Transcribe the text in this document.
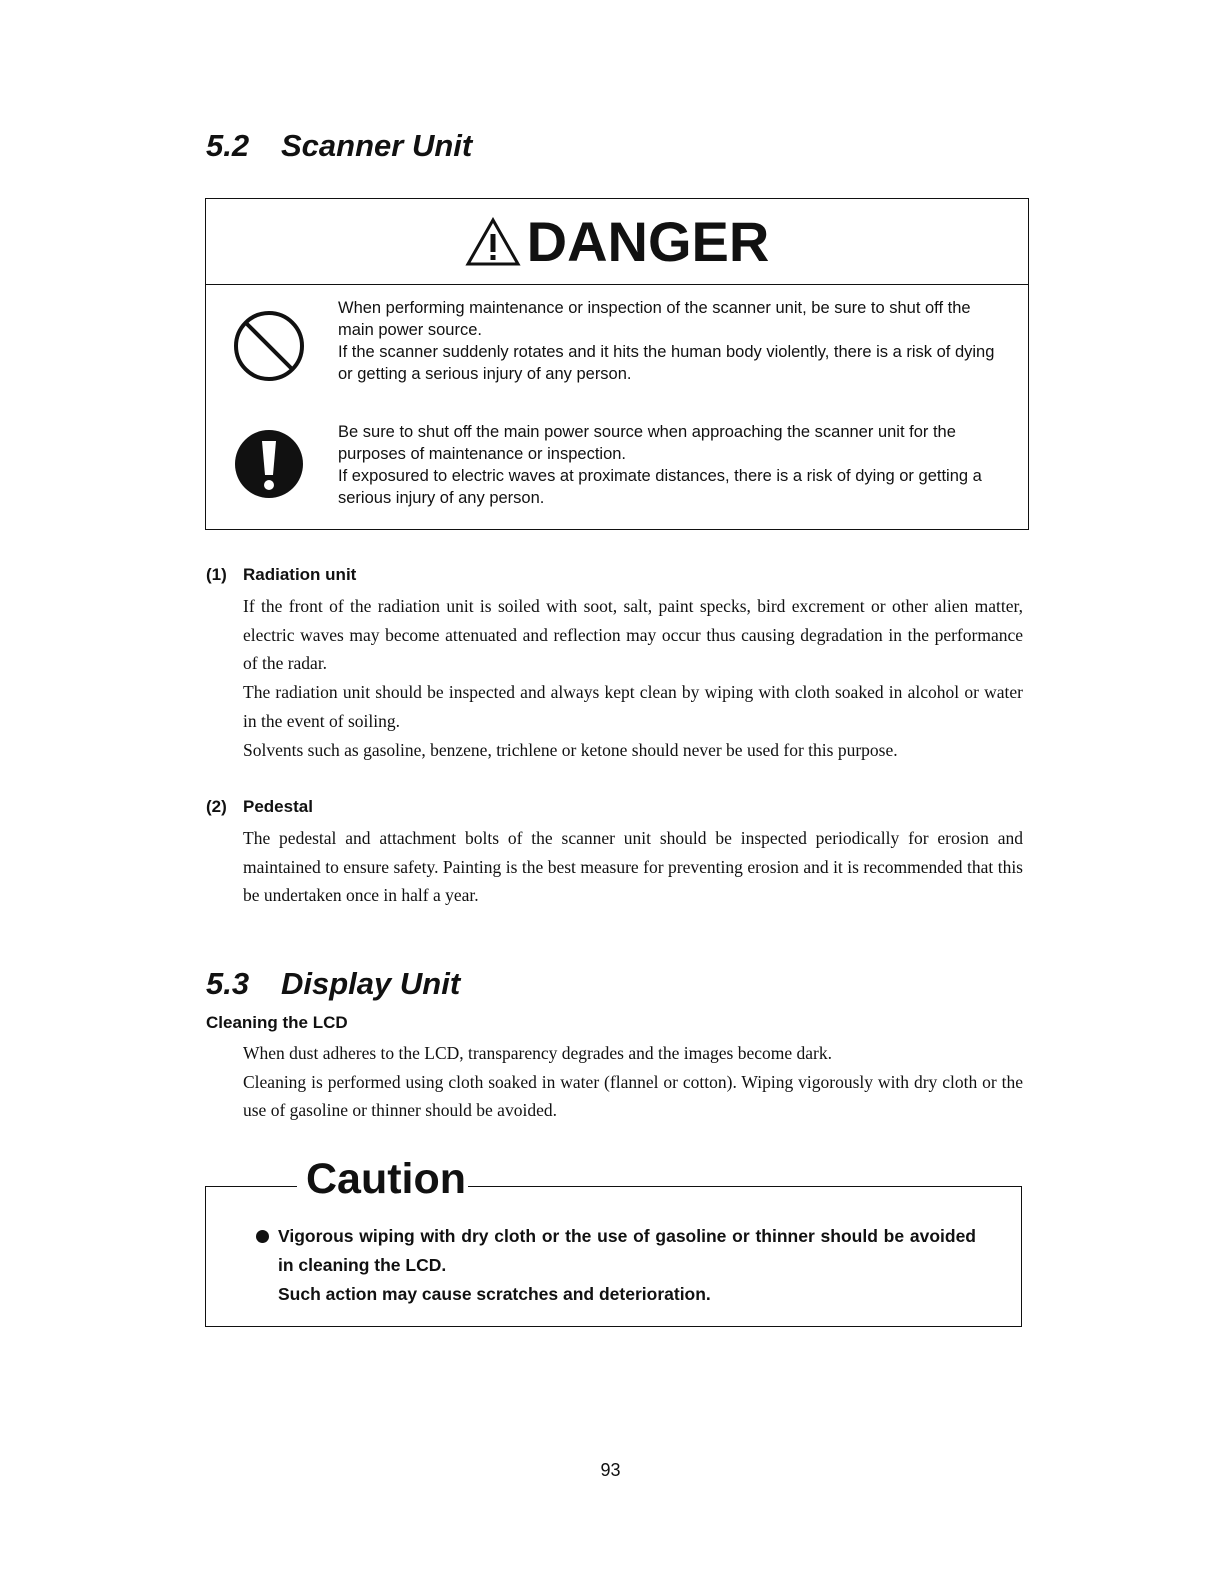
5.2 Scanner Unit
DANGER

When performing maintenance or inspection of the scanner unit, be sure to shut off the main power source.

If the scanner suddenly rotates and it hits the human body violently, there is a risk of dying or getting a serious injury of any person.

Be sure to shut off the main power source when approaching the scanner unit for the purposes of maintenance or inspection.

If exposured to electric waves at proximate distances, there is a risk of dying or getting a serious injury of any person.

(1) Radiation unit

If the front of the radiation unit is soiled with soot, salt, paint specks, bird excrement or other alien matter, electric waves may become attenuated and reflection may occur thus causing degradation in the performance of the radar.

The radiation unit should be inspected and always kept clean by wiping with cloth soaked in alcohol or water in the event of soiling.

Solvents such as gasoline, benzene, trichlene or ketone should never be used for this purpose.

(2) Pedestal

The pedestal and attachment bolts of the scanner unit should be inspected periodically for erosion and maintained to ensure safety. Painting is the best measure for preventing erosion and it is recommended that this be undertaken once in half a year.

5.3 Display Unit
Cleaning the LCD

When dust adheres to the LCD, transparency degrades and the images become dark.

Cleaning is performed using cloth soaked in water (flannel or cotton). Wiping vigorously with dry cloth or the use of gasoline or thinner should be avoided.

Caution

Vigorous wiping with dry cloth or the use of gasoline or thinner should be avoided in cleaning the LCD.

Such action may cause scratches and deterioration.

93
